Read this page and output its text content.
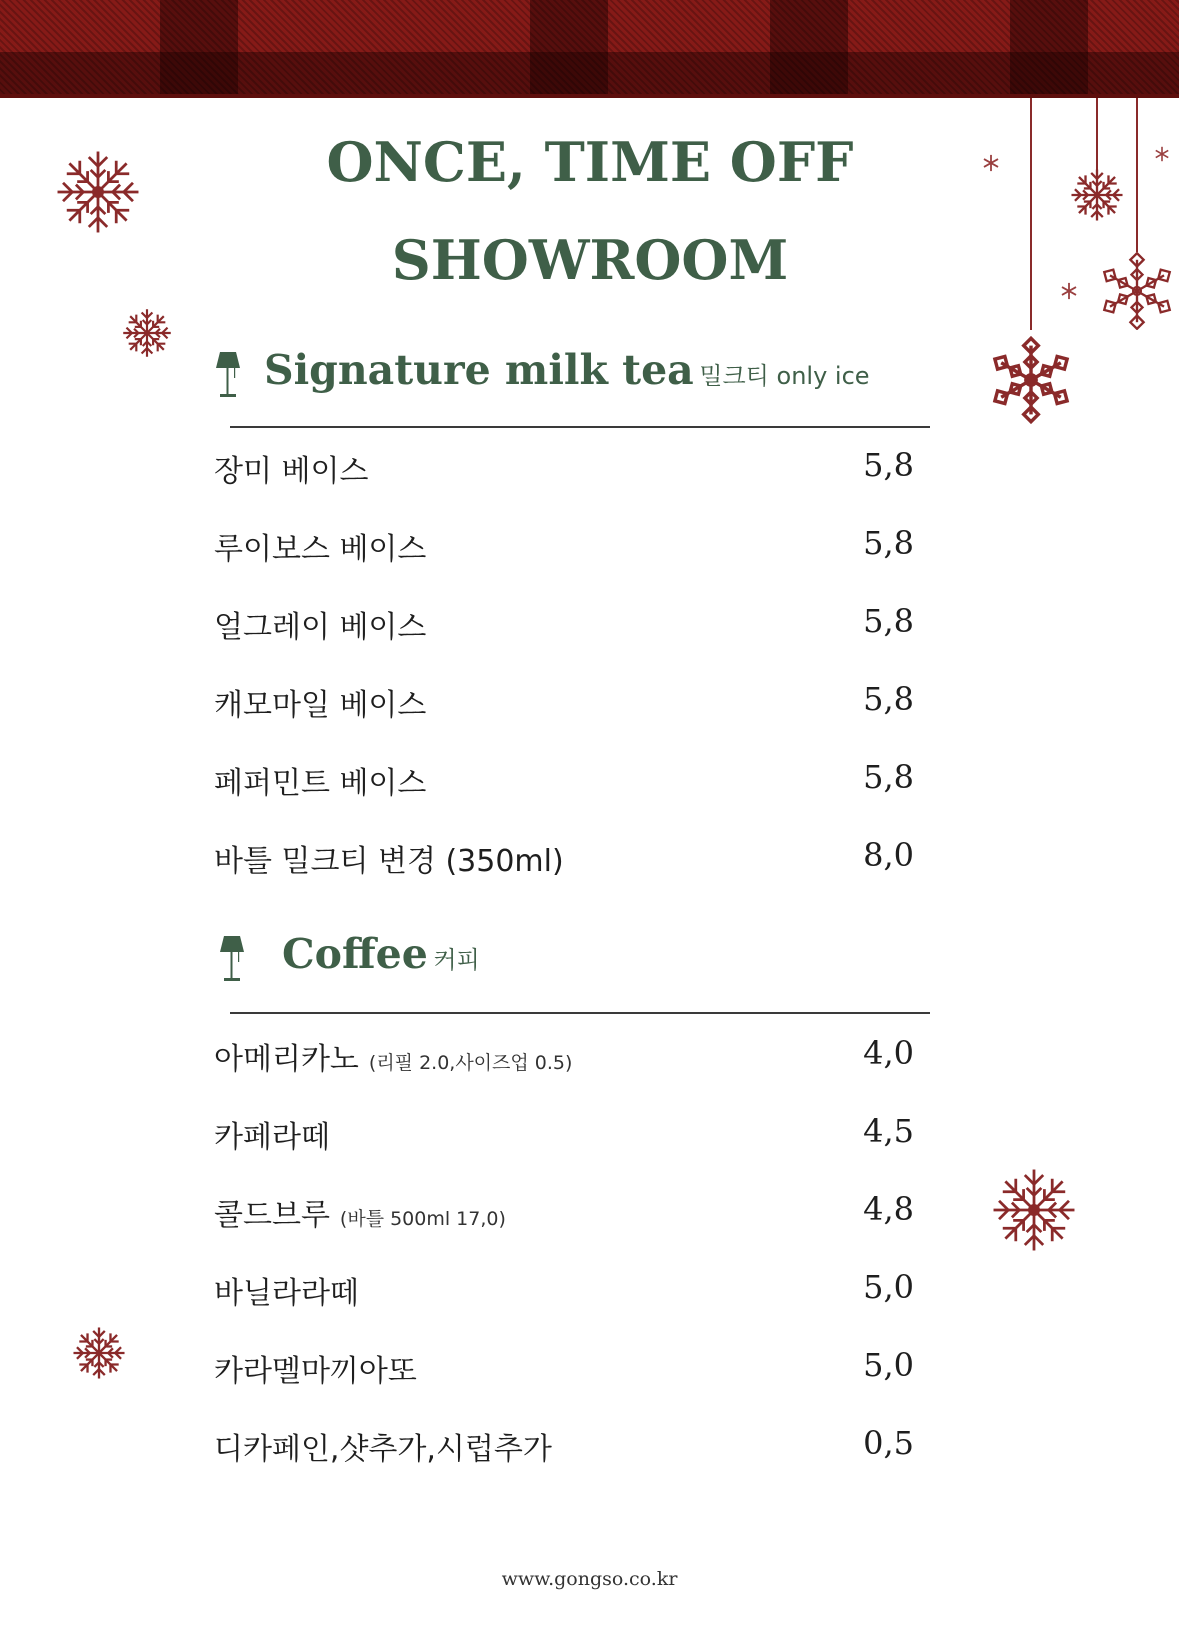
ONCE, TIME OFF
SHOWROOM
Signature milk tea 밀크티 only ice
장미 베이스	5,8
루이보스 베이스	5,8
얼그레이 베이스	5,8
캐모마일 베이스	5,8
페퍼민트 베이스	5,8
바틀 밀크티 변경 (350ml)	8,0
Coffee 커피
아메리카노 (리필 2.0,사이즈업 0.5)	4,0
카페라떼	4,5
콜드브루 (바틀 500ml 17,0)	4,8
바닐라라떼	5,0
카라멜마끼아또	5,0
디카페인,샷추가,시럽추가	0,5
www.gongso.co.kr
